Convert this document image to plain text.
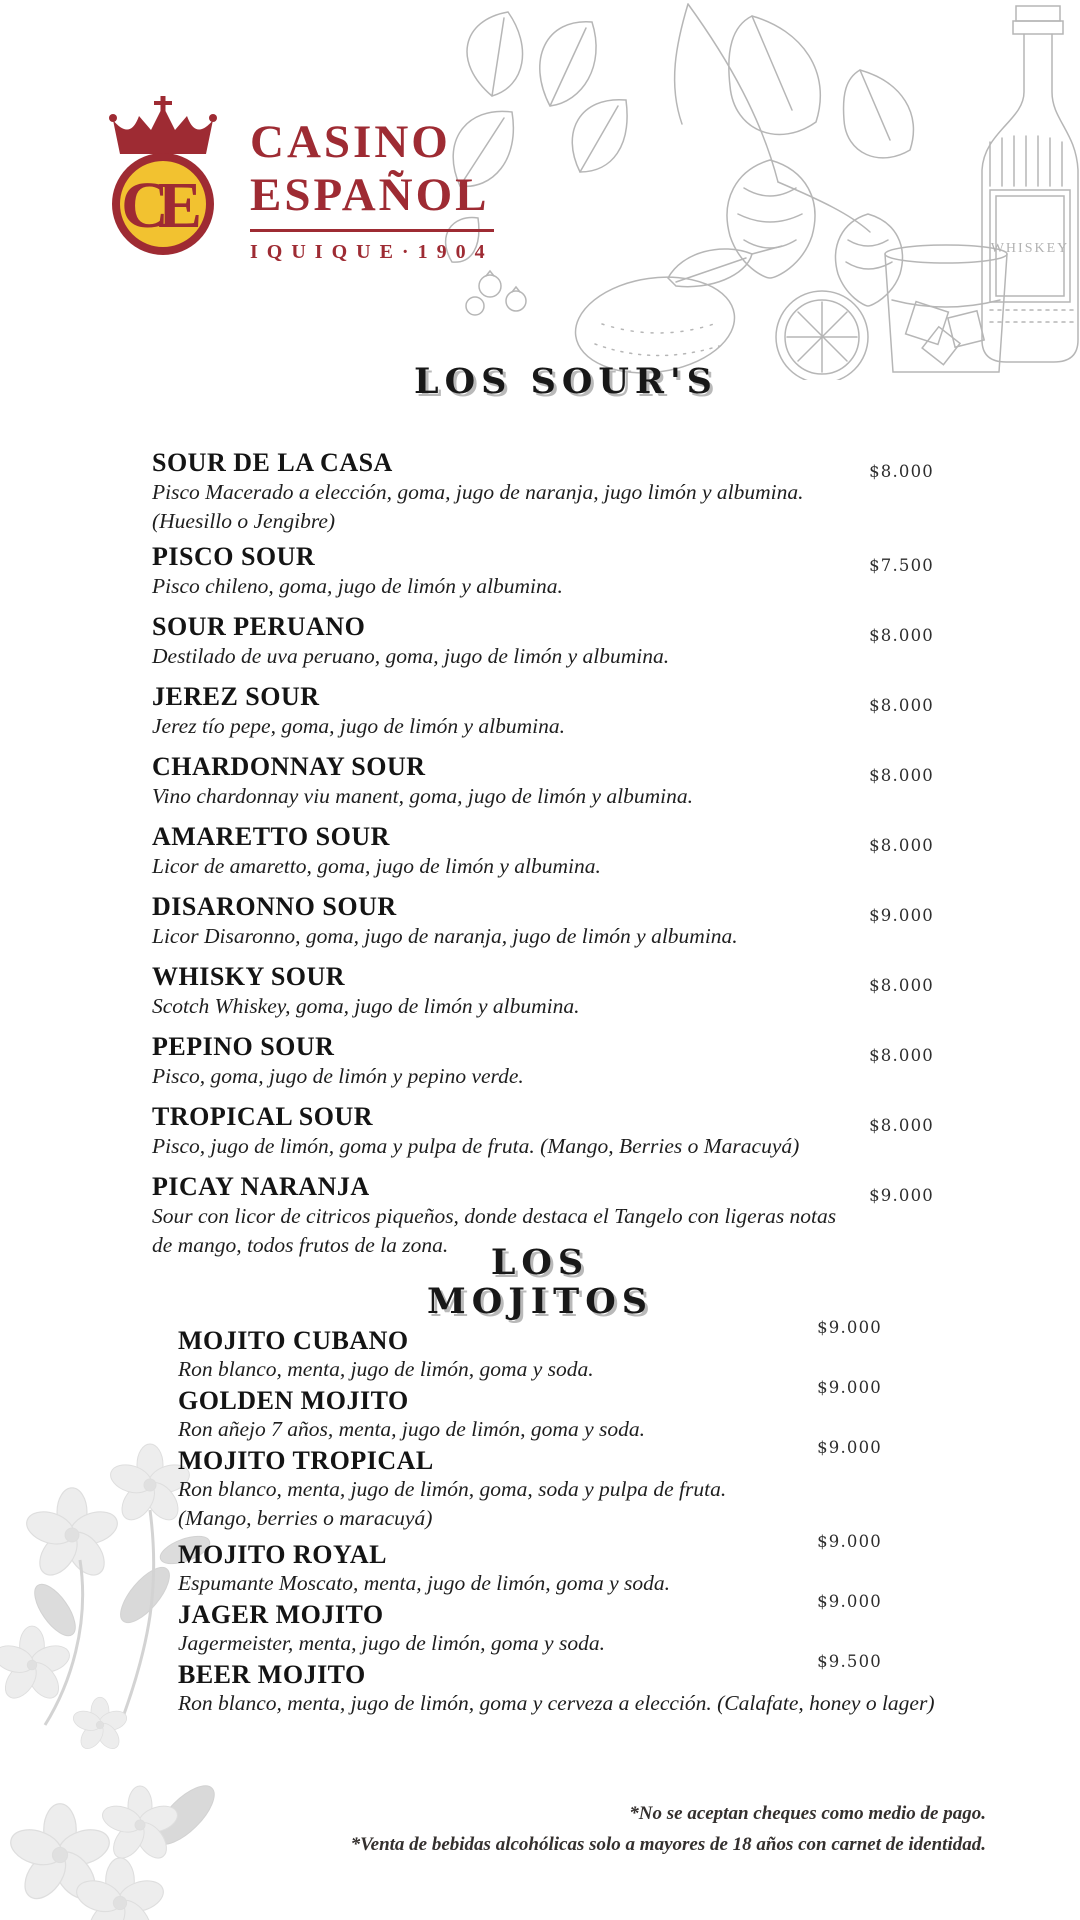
WHISKEY
C
E
CASINO
ESPAÑOL
IQUIQUE·1904
LOS SOUR'S
SOUR DE LA CASA
Pisco Macerado a elección, goma, jugo de naranja, jugo limón y albumina.
(Huesillo o Jengibre)
$8.000
PISCO SOUR
Pisco chileno, goma, jugo de limón y albumina.
$7.500
SOUR PERUANO
Destilado de uva peruano, goma, jugo de limón y albumina.
$8.000
JEREZ SOUR
Jerez tío pepe, goma, jugo de limón y albumina.
$8.000
CHARDONNAY SOUR
Vino chardonnay viu manent, goma, jugo de limón y albumina.
$8.000
AMARETTO SOUR
Licor de amaretto, goma, jugo de limón y albumina.
$8.000
DISARONNO SOUR
Licor Disaronno, goma, jugo de naranja, jugo de limón y albumina.
$9.000
WHISKY SOUR
Scotch Whiskey, goma, jugo de limón y albumina.
$8.000
PEPINO SOUR
Pisco, goma, jugo de limón y pepino verde.
$8.000
TROPICAL SOUR
Pisco, jugo de limón, goma y pulpa de fruta. (Mango, Berries o Maracuyá)
$8.000
PICAY NARANJA
Sour con licor de citricos piqueños, donde destaca el Tangelo con ligeras notas
de mango, todos frutos de la zona.
$9.000
LOS
MOJITOS
MOJITO CUBANO
Ron blanco, menta, jugo de limón, goma y soda.
$9.000
GOLDEN MOJITO
Ron añejo 7 años, menta, jugo de limón, goma y soda.
$9.000
MOJITO TROPICAL
Ron blanco, menta, jugo de limón, goma, soda y pulpa de fruta.
(Mango, berries o maracuyá)
$9.000
MOJITO ROYAL
Espumante Moscato, menta, jugo de limón, goma y soda.
$9.000
JAGER MOJITO
Jagermeister, menta, jugo de limón, goma y soda.
$9.000
BEER MOJITO
Ron blanco, menta, jugo de limón, goma y cerveza a elección. (Calafate, honey o lager)
$9.500
*No se aceptan cheques como medio de pago.
*Venta de bebidas alcohólicas solo a mayores de 18 años con carnet de identidad.
